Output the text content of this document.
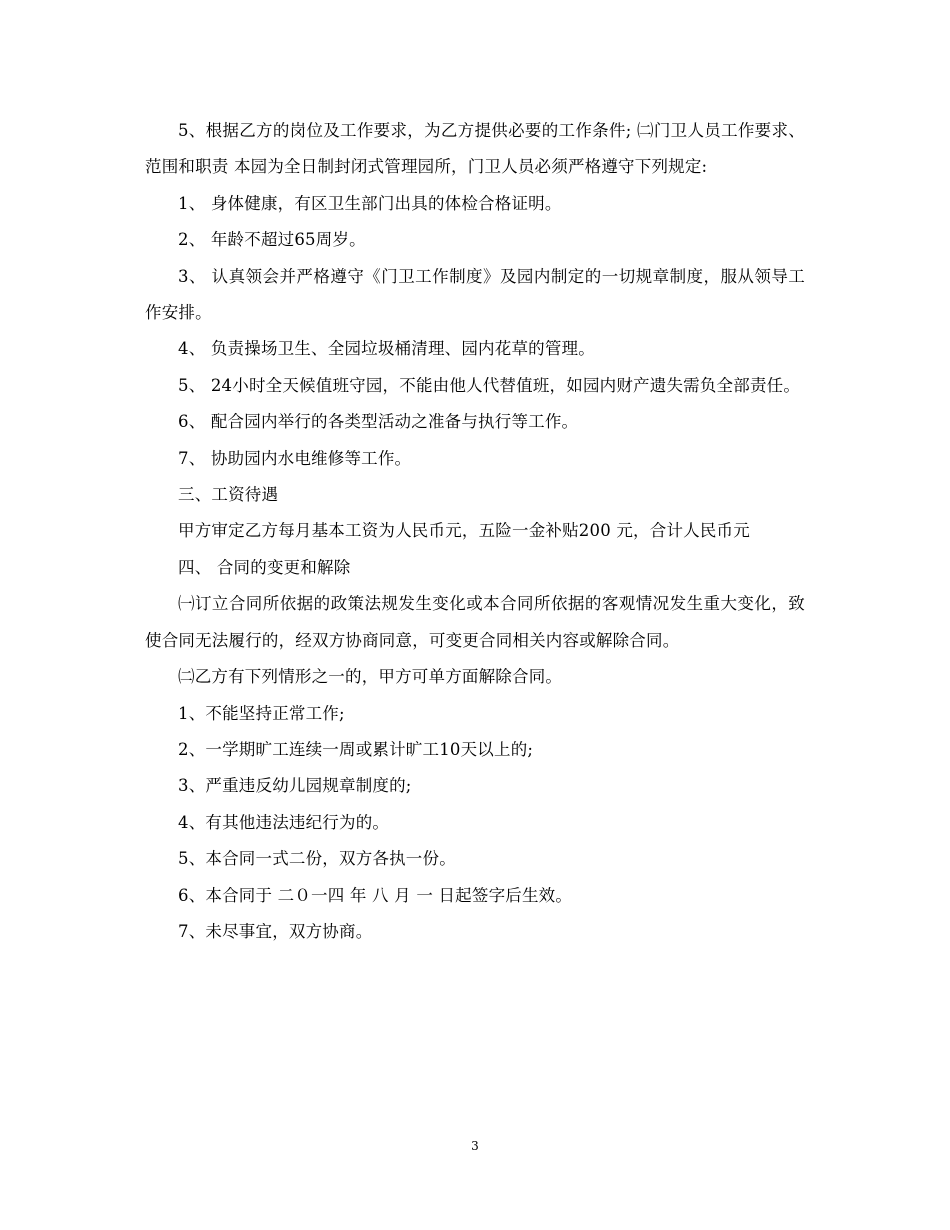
5、根据乙方的岗位及工作要求，为乙方提供必要的工作条件; ㈡门卫人员工作要求、范围和职责 本园为全日制封闭式管理园所，门卫人员必须严格遵守下列规定:

1、 身体健康，有区卫生部门出具的体检合格证明。

2、 年龄不超过65周岁。

3、 认真领会并严格遵守《门卫工作制度》及园内制定的一切规章制度，服从领导工作安排。

4、 负责操场卫生、全园垃圾桶清理、园内花草的管理。

5、 24小时全天候值班守园，不能由他人代替值班，如园内财产遗失需负全部责任。

6、 配合园内举行的各类型活动之准备与执行等工作。

7、 协助园内水电维修等工作。

三、工资待遇

甲方审定乙方每月基本工资为人民币元，五险一金补贴200 元，合计人民币元

四、 合同的变更和解除

㈠订立合同所依据的政策法规发生变化或本合同所依据的客观情况发生重大变化，致使合同无法履行的，经双方协商同意，可变更合同相关内容或解除合同。

㈡乙方有下列情形之一的，甲方可单方面解除合同。

1、不能坚持正常工作;

2、一学期旷工连续一周或累计旷工10天以上的;

3、严重违反幼儿园规章制度的;

4、有其他违法违纪行为的。

5、本合同一式二份，双方各执一份。

6、本合同于 二０一四 年 八 月 一 日起签字后生效。

7、未尽事宜，双方协商。

3
